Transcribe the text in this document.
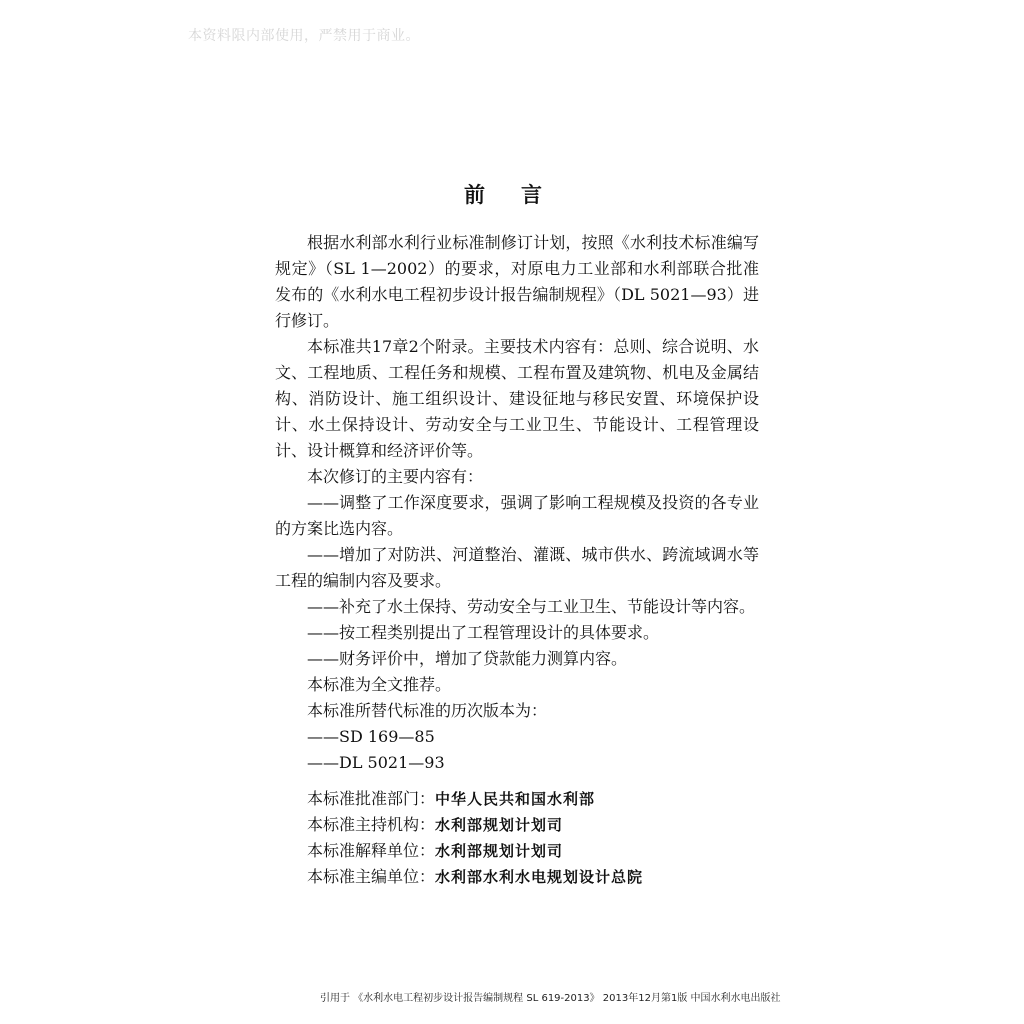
本资料限内部使用，严禁用于商业。
前言

根据水利部水利行业标准制修订计划，按照《水利技术标准编写规定》（SL 1—2002）的要求，对原电力工业部和水利部联合批准发布的《水利水电工程初步设计报告编制规程》（DL 5021—93）进行修订。

本标准共17章2个附录。主要技术内容有：总则、综合说明、水文、工程地质、工程任务和规模、工程布置及建筑物、机电及金属结构、消防设计、施工组织设计、建设征地与移民安置、环境保护设计、水土保持设计、劳动安全与工业卫生、节能设计、工程管理设计、设计概算和经济评价等。

本次修订的主要内容有：

——调整了工作深度要求，强调了影响工程规模及投资的各专业的方案比选内容。

——增加了对防洪、河道整治、灌溉、城市供水、跨流域调水等工程的编制内容及要求。

——补充了水土保持、劳动安全与工业卫生、节能设计等内容。

——按工程类别提出了工程管理设计的具体要求。

——财务评价中，增加了贷款能力测算内容。

本标准为全文推荐。

本标准所替代标准的历次版本为：

——SD 169—85

——DL 5021—93

本标准批准部门：中华人民共和国水利部

本标准主持机构：水利部规划计划司

本标准解释单位：水利部规划计划司

本标准主编单位：水利部水利水电规划设计总院

引用于 《水利水电工程初步设计报告编制规程 SL 619-2013》 2013年12月第1版 中国水利水电出版社
